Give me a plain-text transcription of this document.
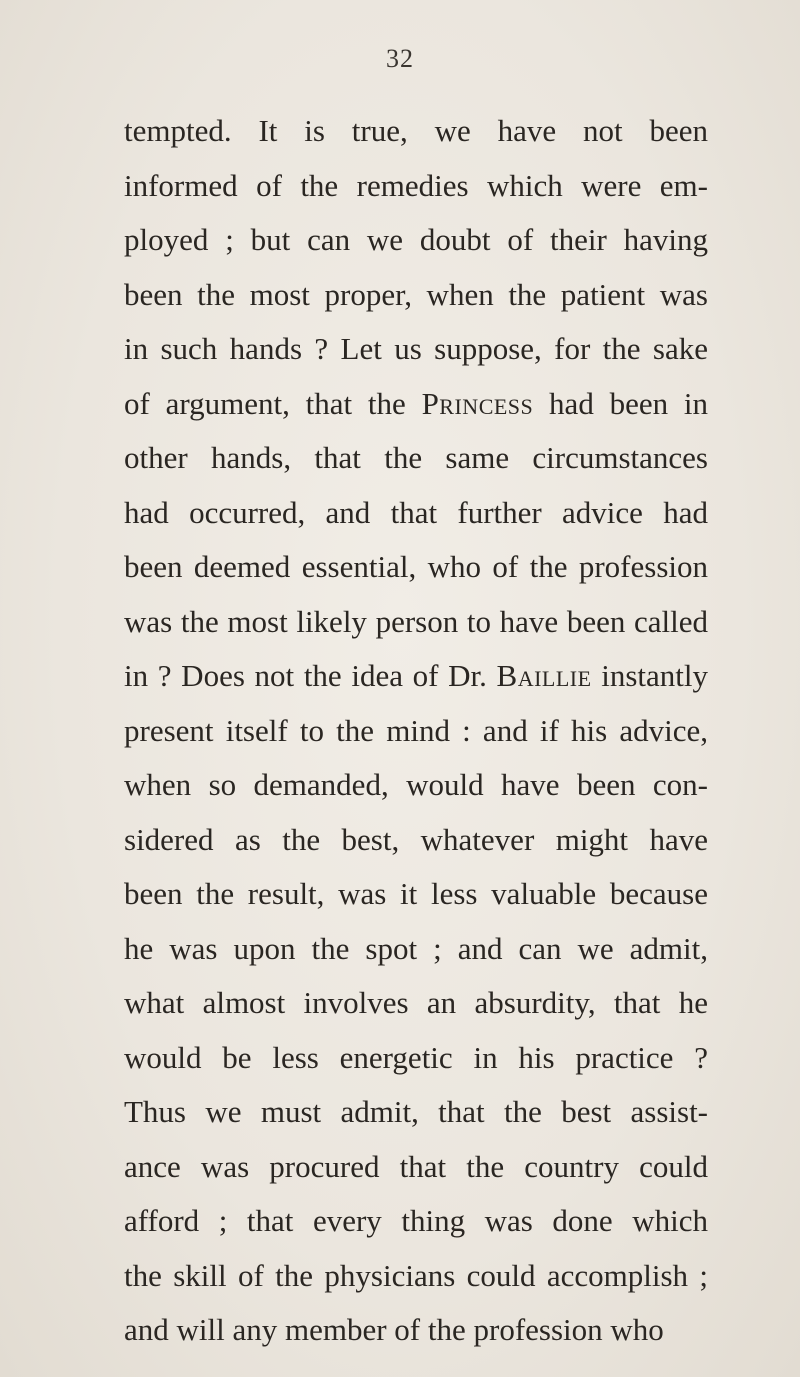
32
tempted. It is true, we have not been
informed of the remedies which were em-
ployed ; but can we doubt of their having
been the most proper, when the patient was
in such hands ? Let us suppose, for the sake
of argument, that the Princess had been in
other hands, that the same circumstances
had occurred, and that further advice had
been deemed essential, who of the profession
was the most likely person to have been called
in ? Does not the idea of Dr. Baillie instantly
present itself to the mind : and if his advice,
when so demanded, would have been con-
sidered as the best, whatever might have
been the result, was it less valuable because
he was upon the spot ; and can we admit,
what almost involves an absurdity, that he
would be less energetic in his practice ?
Thus we must admit, that the best assist-
ance was procured that the country could
afford ; that every thing was done which
the skill of the physicians could accomplish ;
and will any member of the profession who
